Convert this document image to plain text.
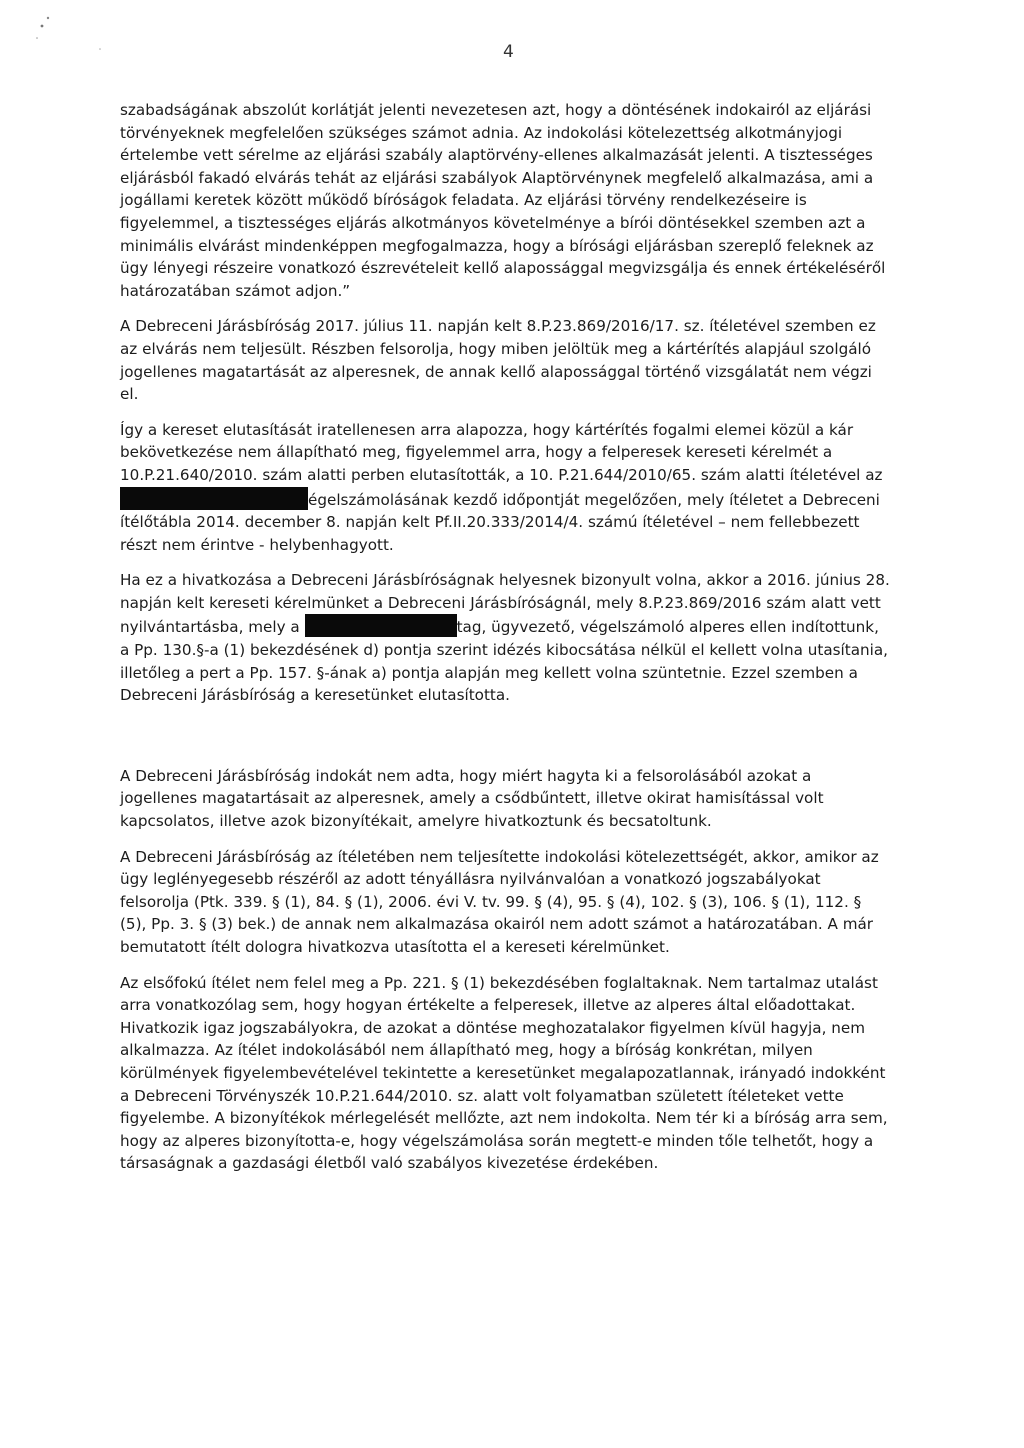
4

szabadságának abszolút korlátját jelenti nevezetesen azt, hogy a döntésének indokairól az eljárási törvényeknek megfelelően szükséges számot adnia. Az indokolási kötelezettség alkotmányjogi értelembe vett sérelme az eljárási szabály alaptörvény-ellenes alkalmazását jelenti. A tisztességes eljárásból fakadó elvárás tehát az eljárási szabályok Alaptörvénynek megfelelő alkalmazása, ami a jogállami keretek között működő bíróságok feladata. Az eljárási törvény rendelkezéseire is figyelemmel, a tisztességes eljárás alkotmányos követelménye a bírói döntésekkel szemben azt a minimális elvárást mindenképpen megfogalmazza, hogy a bírósági eljárásban szereplő feleknek az ügy lényegi részeire vonatkozó észrevételeit kellő alapossággal megvizsgálja és ennek értékeléséről határozatában számot adjon.”

A Debreceni Járásbíróság 2017. július 11. napján kelt 8.P.23.869/2016/17. sz. ítéletével szemben ez az elvárás nem teljesült. Részben felsorolja, hogy miben jelöltük meg a kártérítés alapjául szolgáló jogellenes magatartását az alperesnek, de annak kellő alapossággal történő vizsgálatát nem végzi el.

Így a kereset elutasítását iratellenesen arra alapozza, hogy kártérítés fogalmi elemei közül a kár bekövetkezése nem állapítható meg, figyelemmel arra, hogy a felperesek kereseti kérelmét a 10.P.21.640/2010. szám alatti perben elutasították, a 10. P.21.644/2010/65. szám alatti ítéletével az
égelszámolásának kezdő időpontját megelőzően, mely ítéletet a Debreceni
ítélőtábla 2014. december 8. napján kelt Pf.II.20.333/2014/4. számú ítéletével – nem fellebbezett részt nem érintve - helybenhagyott.

Ha ez a hivatkozása a Debreceni Járásbíróságnak helyesnek bizonyult volna, akkor a 2016. június 28. napján kelt kereseti kérelmünket a Debreceni Járásbíróságnál, mely 8.P.23.869/2016 szám alatt vett nyilvántartásba, mely a	tag, ügyvezető, végelszámoló alperes ellen indítottunk, a Pp. 130.§-a (1) bekezdésének d) pontja szerint idézés kibocsátása nélkül el kellett volna utasítania, illetőleg a pert a Pp. 157. §-ának a) pontja alapján meg kellett volna szüntetnie. Ezzel szemben a Debreceni Járásbíróság a keresetünket elutasította.

A Debreceni Járásbíróság indokát nem adta, hogy miért hagyta ki a felsorolásából azokat a jogellenes magatartásait az alperesnek, amely a csődbűntett, illetve okirat hamisítással volt kapcsolatos, illetve azok bizonyítékait, amelyre hivatkoztunk és becsatoltunk.

A Debreceni Járásbíróság az ítéletében nem teljesítette indokolási kötelezettségét, akkor, amikor az ügy leglényegesebb részéről az adott tényállásra nyilvánvalóan a vonatkozó jogszabályokat felsorolja (Ptk. 339. § (1), 84. § (1), 2006. évi V. tv. 99. § (4), 95. § (4), 102. § (3), 106. § (1), 112. § (5), Pp. 3. § (3) bek.) de annak nem alkalmazása okairól nem adott számot a határozatában. A már bemutatott ítélt dologra hivatkozva utasította el a kereseti kérelmünket.

Az elsőfokú ítélet nem felel meg a Pp. 221. § (1) bekezdésében foglaltaknak. Nem tartalmaz utalást arra vonatkozólag sem, hogy hogyan értékelte a felperesek, illetve az alperes által előadottakat. Hivatkozik igaz jogszabályokra, de azokat a döntése meghozatalakor figyelmen kívül hagyja, nem alkalmazza. Az ítélet indokolásából nem állapítható meg, hogy a bíróság konkrétan, milyen körülmények figyelembevételével tekintette a keresetünket megalapozatlannak, irányadó indokként a Debreceni Törvényszék 10.P.21.644/2010. sz. alatt volt folyamatban született ítéleteket vette figyelembe. A bizonyítékok mérlegelését mellőzte, azt nem indokolta. Nem tér ki a bíróság arra sem, hogy az alperes bizonyította-e, hogy végelszámolása során megtett-e minden tőle telhetőt, hogy a társaságnak a gazdasági életből való szabályos kivezetése érdekében.
